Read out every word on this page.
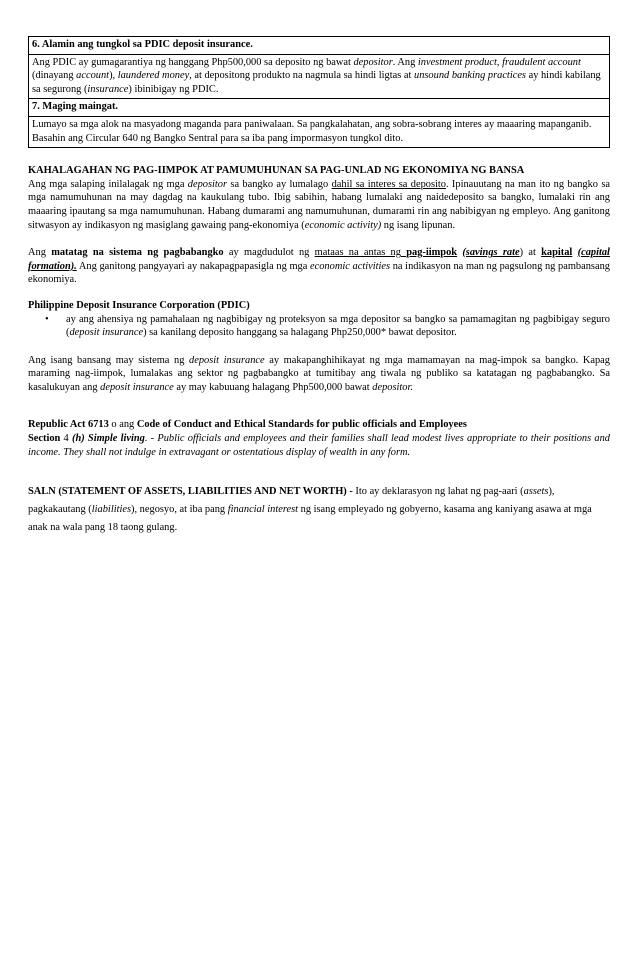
6. Alamin ang tungkol sa PDIC deposit insurance.
Ang PDIC ay gumagarantiya ng hanggang Php500,000 sa deposito ng bawat depositor. Ang investment product, fraudulent account (dinayang account), laundered money, at depositong produkto na nagmula sa hindi ligtas at unsound banking practices ay hindi kabilang sa segurong (insurance) ibinibigay ng PDIC.
7. Maging maingat.
Lumayo sa mga alok na masyadong maganda para paniwalaan. Sa pangkalahatan, ang sobra-sobrang interes ay maaaring mapanganib. Basahin ang Circular 640 ng Bangko Sentral para sa iba pang impormasyon tungkol dito.

KAHALAGAHAN NG PAG-IIMPOK AT PAMUMUHUNAN SA PAG-UNLAD NG EKONOMIYA NG BANSA

Ang mga salaping inilalagak ng mga depositor sa bangko ay lumalago dahil sa interes sa deposito. Ipinauutang na man ito ng bangko sa mga namumuhunan na may dagdag na kaukulang tubo. Ibig sabihin, habang lumalaki ang naidedeposito sa bangko, lumalaki rin ang maaaring ipautang sa mga namumuhunan. Habang dumarami ang namumuhunan, dumarami rin ang nabibigyan ng empleyo. Ang ganitong sitwasyon ay indikasyon ng masiglang gawaing pang-ekonomiya (economic activity) ng isang lipunan.

Ang matatag na sistema ng pagbabangko ay magdudulot ng mataas na antas ng pag-iimpok (savings rate) at kapital (capital formation). Ang ganitong pangyayari ay nakapagpapasigla ng mga economic activities na indikasyon na man ng pagsulong ng pambansang ekonomiya.

Philippine Deposit Insurance Corporation (PDIC)

• ay ang ahensiya ng pamahalaan ng nagbibigay ng proteksyon sa mga depositor sa bangko sa pamamagitan ng pagbibigay seguro (deposit insurance) sa kanilang deposito hanggang sa halagang Php250,000* bawat depositor.

Ang isang bansang may sistema ng deposit insurance ay makapanghihikayat ng mga mamamayan na mag-impok sa bangko. Kapag maraming nag-iimpok, lumalakas ang sektor ng pagbabangko at tumitibay ang tiwala ng publiko sa katatagan ng pagbabangko. Sa kasalukuyan ang deposit insurance ay may kabuuang halagang Php500,000 bawat depositor.

Republic Act 6713 o ang Code of Conduct and Ethical Standards for public officials and Employees

Section 4 (h) Simple living. - Public officials and employees and their families shall lead modest lives appropriate to their positions and income. They shall not indulge in extravagant or ostentatious display of wealth in any form.

SALN (STATEMENT OF ASSETS, LIABILITIES AND NET WORTH) - Ito ay deklarasyon ng lahat ng pag-aari (assets), pagkakautang (liabilities), negosyo, at iba pang financial interest ng isang empleyado ng gobyerno, kasama ang kaniyang asawa at mga anak na wala pang 18 taong gulang.
